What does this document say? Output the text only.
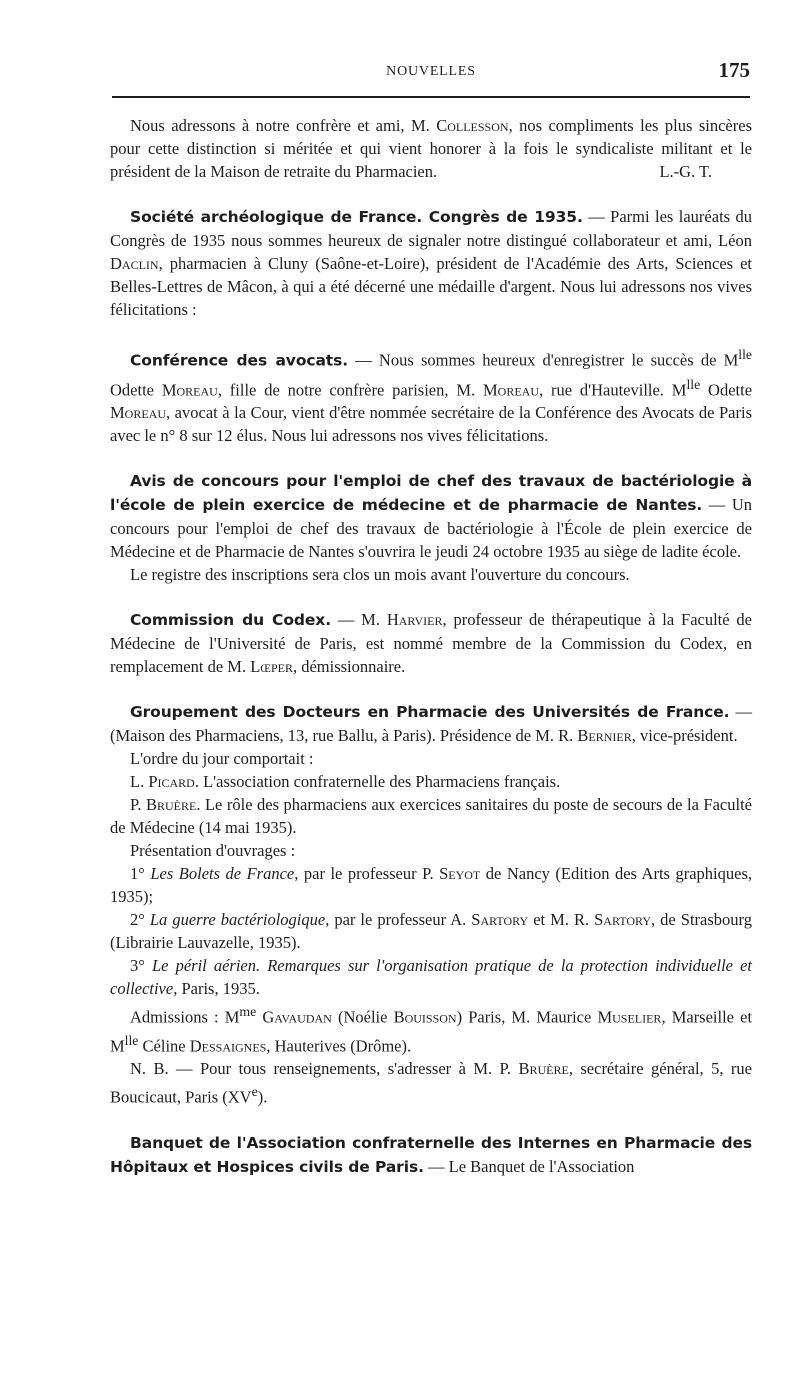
NOUVELLES	175

Nous adressons à notre confrère et ami, M. Collesson, nos compliments les plus sincères pour cette distinction si méritée et qui vient honorer à la fois le syndicaliste militant et le président de la Maison de retraite du Pharmacien.	L.-G. T.

Société archéologique de France. Congrès de 1935. — Parmi les lauréats du Congrès de 1935 nous sommes heureux de signaler notre distingué collaborateur et ami, Léon Daclin, pharmacien à Cluny (Saône-et-Loire), président de l'Académie des Arts, Sciences et Belles-Lettres de Mâcon, à qui a été décerné une médaille d'argent. Nous lui adressons nos vives félicitations :

Conférence des avocats. — Nous sommes heureux d'enregistrer le succès de $M^{lle}$ Odette Moreau, fille de notre confrère parisien, M. Moreau, rue d'Hauteville. $M^{lle}$ Odette Moreau, avocat à la Cour, vient d'être nommée secrétaire de la Conférence des Avocats de Paris avec le n° 8 sur 12 élus. Nous lui adressons nos vives félicitations.

Avis de concours pour l'emploi de chef des travaux de bactériologie à l'école de plein exercice de médecine et de pharmacie de Nantes. — Un concours pour l'emploi de chef des travaux de bactériologie à l'École de plein exercice de Médecine et de Pharmacie de Nantes s'ouvrira le jeudi 24 octobre 1935 au siège de ladite école.

Le registre des inscriptions sera clos un mois avant l'ouverture du concours.

Commission du Codex. — M. Harvier, professeur de thérapeutique à la Faculté de Médecine de l'Université de Paris, est nommé membre de la Commission du Codex, en remplacement de M. Lœper, démissionnaire.

Groupement des Docteurs en Pharmacie des Universités de France. — (Maison des Pharmaciens, 13, rue Ballu, à Paris). Présidence de M. R. Bernier, vice-président.

L'ordre du jour comportait :

L. Picard. L'association confraternelle des Pharmaciens français.

P. Bruère. Le rôle des pharmaciens aux exercices sanitaires du poste de secours de la Faculté de Médecine (14 mai 1935).

Présentation d'ouvrages :

1° Les Bolets de France, par le professeur P. Seyot de Nancy (Edition des Arts graphiques, 1935);

2° La guerre bactériologique, par le professeur A. Sartory et M. R. Sartory, de Strasbourg (Librairie Lauvazelle, 1935).

3° Le péril aérien. Remarques sur l'organisation pratique de la protection individuelle et collective, Paris, 1935.

Admissions : $M^{me}$ Gavaudan (Noélie Bouisson) Paris, M. Maurice Muselier, Marseille et $M^{lle}$ Céline Dessaignes, Hauterives (Drôme).

N. B. — Pour tous renseignements, s'adresser à M. P. Bruère, secrétaire général, 5, rue Boucicaut, Paris (XVe).

Banquet de l'Association confraternelle des Internes en Pharmacie des Hôpitaux et Hospices civils de Paris. — Le Banquet de l'Association
